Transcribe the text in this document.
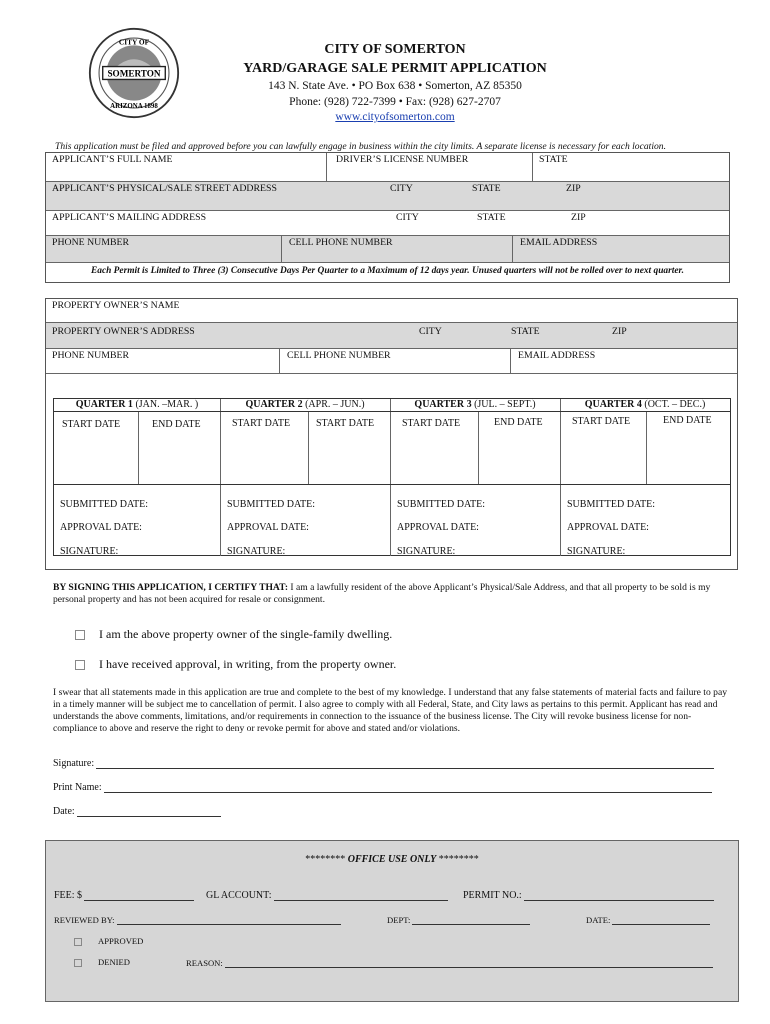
SOMERTON
CITY OF
ARIZONA 1898
CITY OF SOMERTON
YARD/GARAGE SALE PERMIT APPLICATION
143 N. State Ave. • PO Box 638 • Somerton, AZ 85350
Phone: (928) 722-7399 • Fax: (928) 627-2707
www.cityofsomerton.com
This application must be filed and approved before you can lawfully engage in business within the city limits. A separate license is necessary for each location.
APPLICANT’S FULL NAME	DRIVER’S LICENSE NUMBER	STATE
APPLICANT’S PHYSICAL/SALE STREET ADDRESS	CITY	STATE	ZIP
APPLICANT’S MAILING ADDRESS	CITY	STATE	ZIP
PHONE NUMBER	CELL PHONE NUMBER	EMAIL ADDRESS
Each Permit is Limited to Three (3) Consecutive Days Per Quarter to a Maximum of 12 days year. Unused quarters will not be rolled over to next quarter.
PROPERTY OWNER’S NAME
PROPERTY OWNER’S ADDRESS	CITY	STATE	ZIP
PHONE NUMBER	CELL PHONE NUMBER	EMAIL ADDRESS
QUARTER 1 (JAN. –MAR. )	QUARTER 2 (APR. – JUN.)	QUARTER 3 (JUL. – SEPT.)	QUARTER 4 (OCT. – DEC.)
START DATE	END DATE	START DATE	START DATE	START DATE	END DATE	START DATE	END DATE
SUBMITTED DATE:
APPROVAL DATE:
SIGNATURE:
SUBMITTED DATE:
APPROVAL DATE:
SIGNATURE:
SUBMITTED DATE:
APPROVAL DATE:
SIGNATURE:
SUBMITTED DATE:
APPROVAL DATE:
SIGNATURE:
BY SIGNING THIS APPLICATION, I CERTIFY THAT: I am a lawfully resident of the above Applicant’s Physical/Sale Address, and that all property to be sold is my personal property and has not been acquired for resale or consignment.
I am the above property owner of the single-family dwelling.
I have received approval, in writing, from the property owner.
I swear that all statements made in this application are true and complete to the best of my knowledge. I understand that any false statements of material facts and failure to pay in a timely manner will be subject me to cancellation of permit. I also agree to comply with all Federal, State, and City laws as pertains to this permit. Applicant has read and understands the above comments, limitations, and/or requirements in connection to the issuance of the business license. The City will revoke business license for non-compliance to above and reserve the right to deny or revoke permit for above and stated and/or violations.
Signature:
Print Name:
Date:
******** OFFICE USE ONLY ********
FEE: $	GL ACCOUNT:	PERMIT NO.:
REVIEWED BY:	DEPT:	DATE:
APPROVED
DENIED	REASON:
